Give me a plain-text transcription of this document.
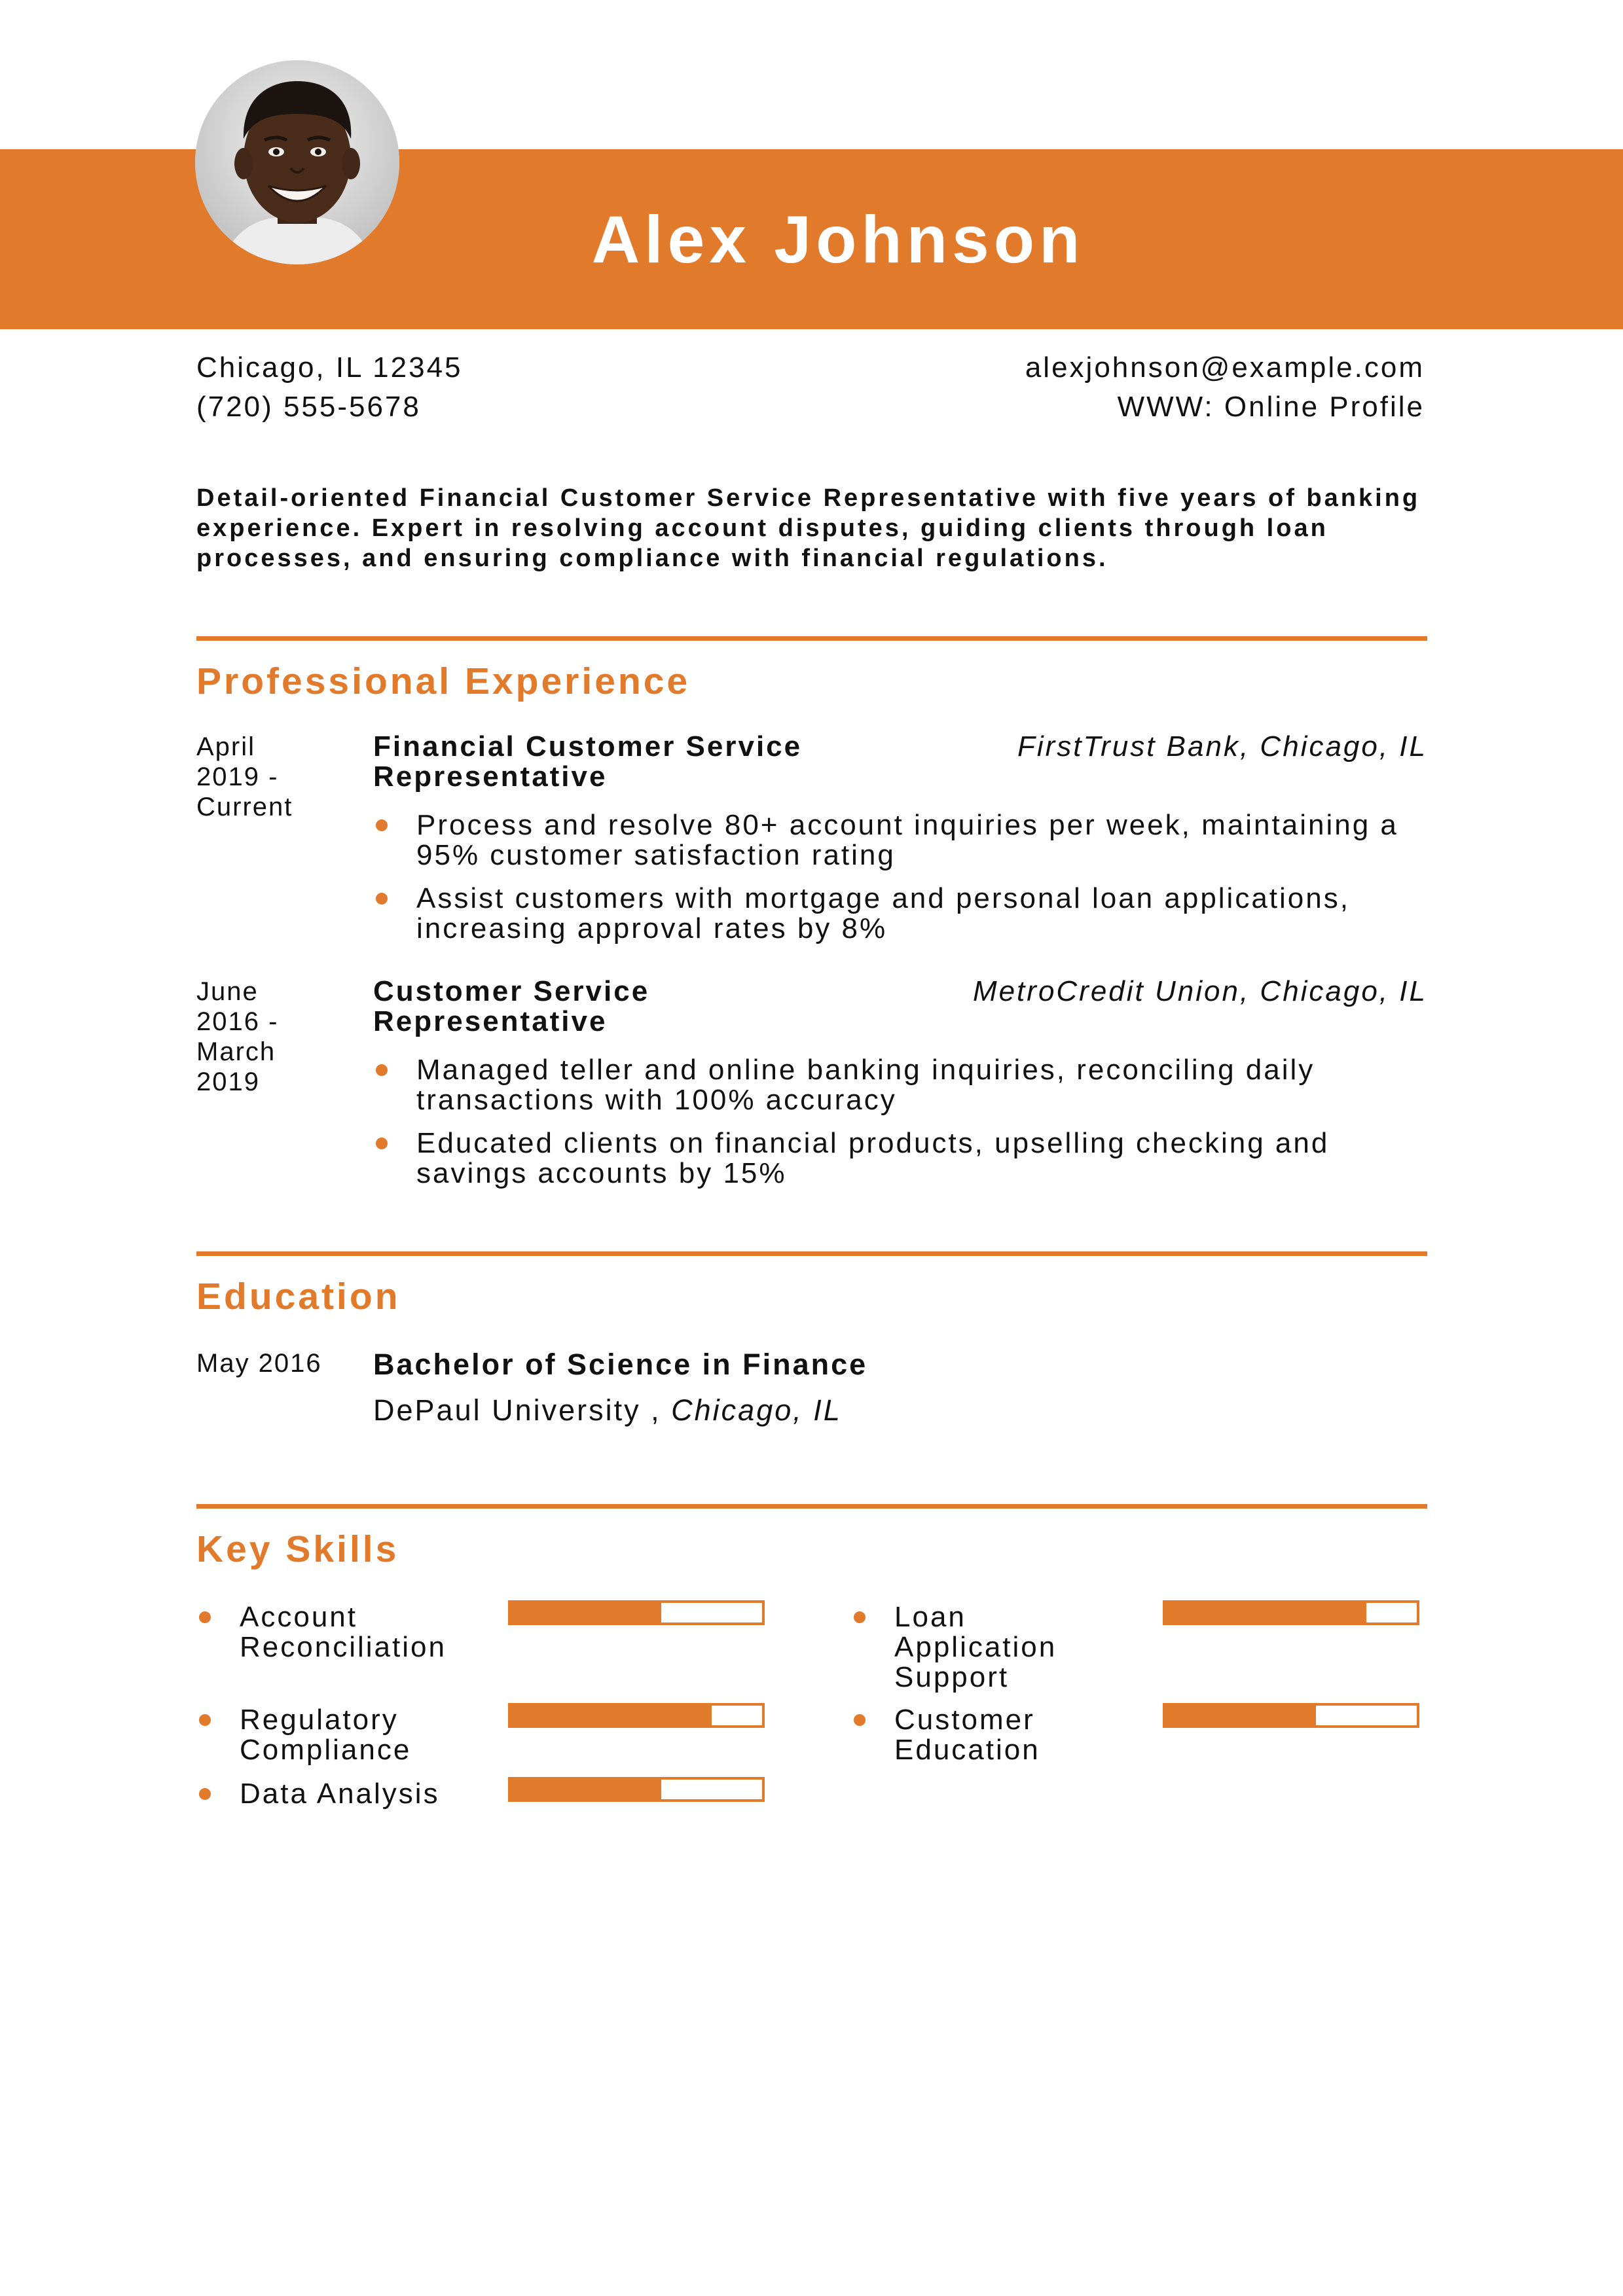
Alex Johnson
Chicago, IL 12345
(720) 555-5678
alexjohnson@example.com
WWW: Online Profile
Detail-oriented Financial Customer Service Representative with five years of banking experience. Expert in resolving account disputes, guiding clients through loan processes, and ensuring compliance with financial regulations.
Professional Experience
April
2019 -
Current
Financial Customer Service Representative
FirstTrust Bank, Chicago, IL
Process and resolve 80+ account inquiries per week, maintaining a 95% customer satisfaction rating
Assist customers with mortgage and personal loan applications, increasing approval rates by 8%
June
2016 -
March
2019
Customer Service Representative
MetroCredit Union, Chicago, IL
Managed teller and online banking inquiries, reconciling daily transactions with 100% accuracy
Educated clients on financial products, upselling checking and savings accounts by 15%
Education
May 2016	Bachelor of Science in Finance
DePaul University , Chicago, IL
Key Skills
Account Reconciliation
Loan Application Support
Regulatory Compliance
Customer Education
Data Analysis
